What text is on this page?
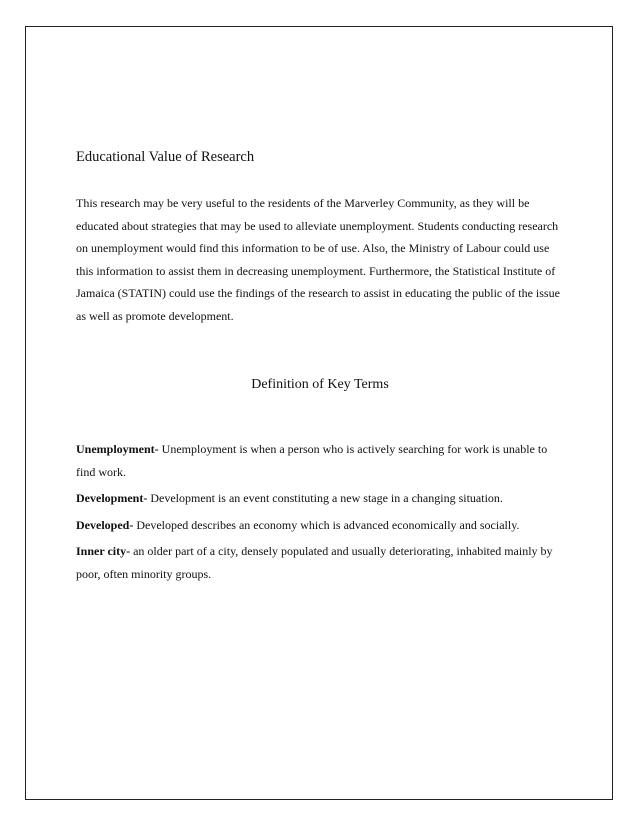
Educational Value of Research

This research may be very useful to the residents of the Marverley Community, as they will be educated about strategies that may be used to alleviate unemployment. Students conducting research on unemployment would find this information to be of use. Also, the Ministry of Labour could use this information to assist them in decreasing unemployment. Furthermore, the Statistical Institute of Jamaica (STATIN) could use the findings of the research to assist in educating the public of the issue as well as promote development.

Definition of Key Terms

Unemployment- Unemployment is when a person who is actively searching for work is unable to find work.

Development- Development is an event constituting a new stage in a changing situation.

Developed- Developed describes an economy which is advanced economically and socially.

Inner city- an older part of a city, densely populated and usually deteriorating, inhabited mainly by poor, often minority groups.
